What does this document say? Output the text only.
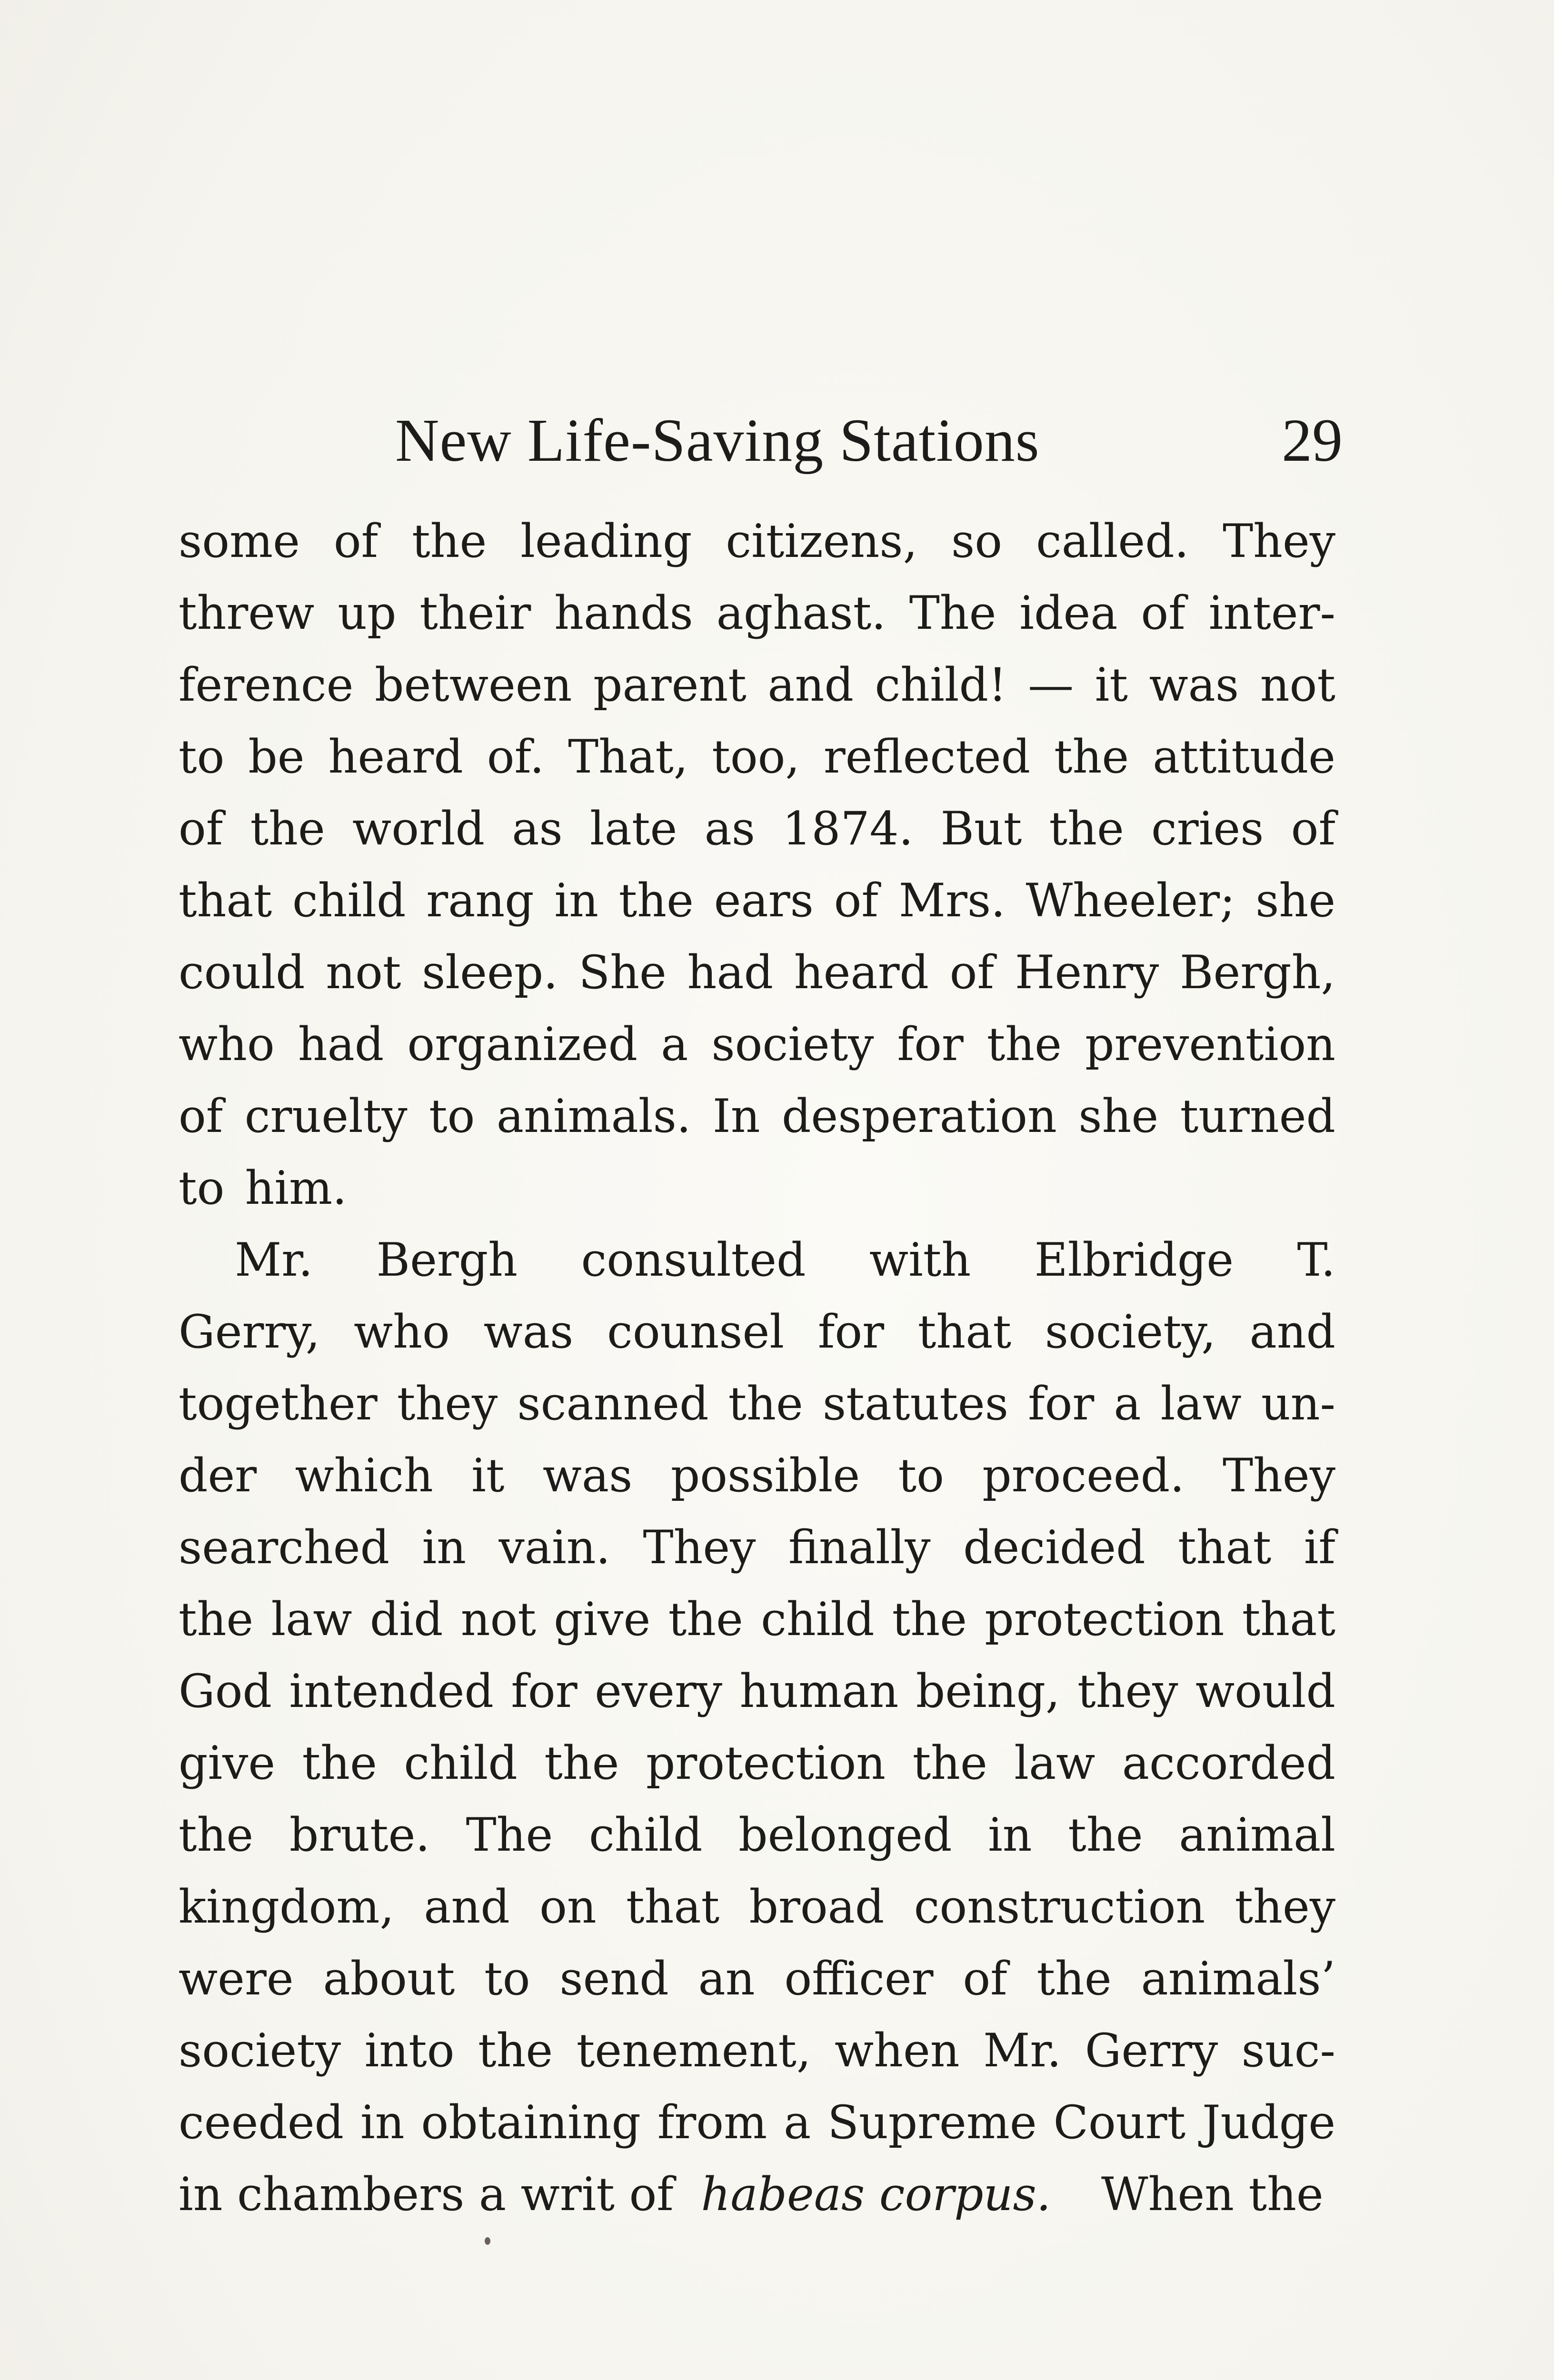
New Life-Saving Stations	29
some of the leading citizens, so called. They
threw up their hands aghast. The idea of inter-
ference between parent and child! — it was not
to be heard of. That, too, reflected the attitude
of the world as late as 1874. But the cries of
that child rang in the ears of Mrs. Wheeler; she
could not sleep. She had heard of Henry Bergh,
who had organized a society for the prevention
of cruelty to animals. In desperation she turned
to him.
Mr. Bergh consulted with Elbridge T.
Gerry, who was counsel for that society, and
together they scanned the statutes for a law un-
der which it was possible to proceed. They
searched in vain. They finally decided that if
the law did not give the child the protection that
God intended for every human being, they would
give the child the protection the law accorded
the brute. The child belonged in the animal
kingdom, and on that broad construction they
were about to send an officer of the animals’
society into the tenement, when Mr. Gerry suc-
ceeded in obtaining from a Supreme Court Judge
in chambers a writ of habeas corpus. When the
